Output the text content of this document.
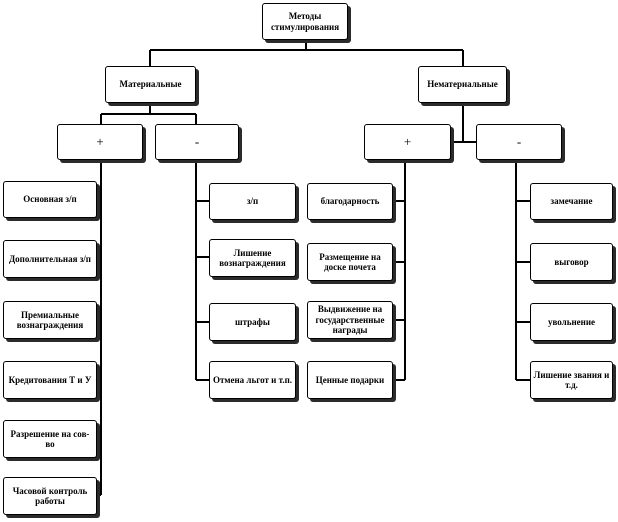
Методы стимулирования
Материальные	Нематериальные
+	-	+	-
Основная з/п
Дополнительная з/п
Премиальные вознаграждения
Кредитования Т и У
Разрешение на сов-во
Часовой контроль работы
з/п
Лишение вознаграждения
штрафы
Отмена льгот и т.п.
благодарность
Размещение на доске почета
Выдвижение на государственные награды
Ценные подарки
замечание
выговор
увольнение
Лишение звания и т.д.
